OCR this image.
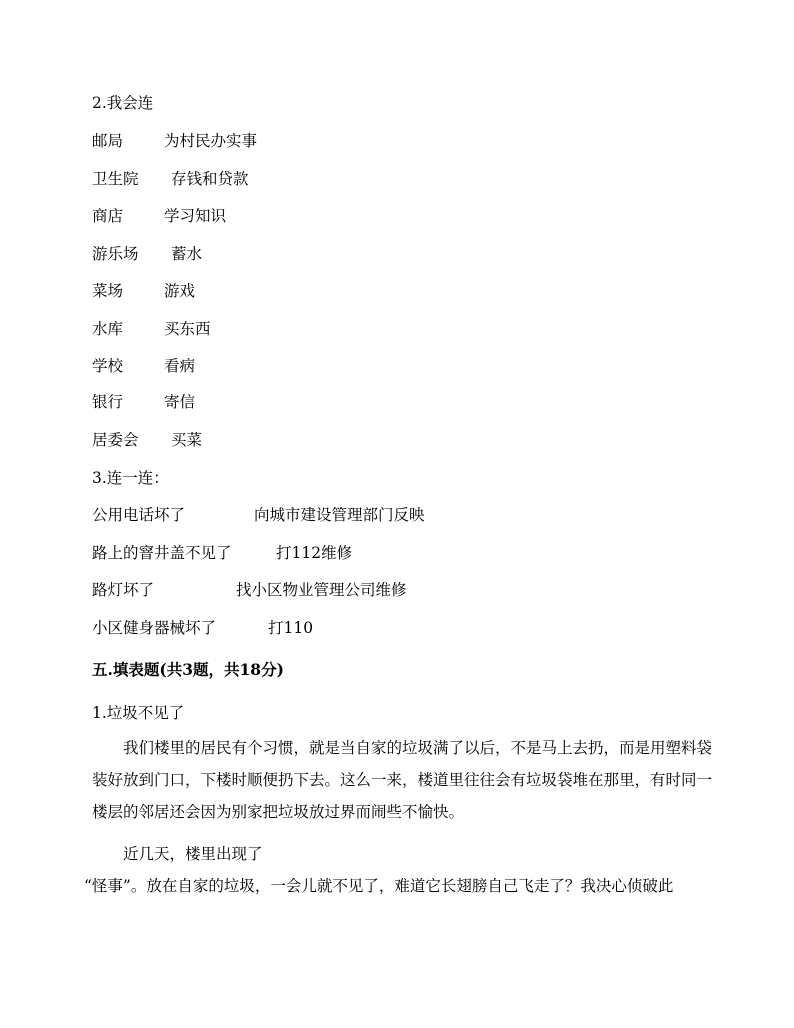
2.我会连
邮局	为村民办实事
卫生院 存钱和贷款
商店	学习知识
游乐场 蓄水
菜场	游戏
水库	买东西
学校	看病
银行	寄信
居委会 买菜
3.连一连：
公用电话坏了	向城市建设管理部门反映
路上的窨井盖不见了	打112维修
路灯坏了	找小区物业管理公司维修
小区健身器械坏了	打110
五.填表题(共3题，共18分)
1.垃圾不见了

我们楼里的居民有个习惯，就是当自家的垃圾满了以后，不是马上去扔，而是用塑料袋装好放到门口，下楼时顺便扔下去。这么一来，楼道里往往会有垃圾袋堆在那里，有时同一楼层的邻居还会因为别家把垃圾放过界而闹些不愉快。

近几天，楼里出现了
“怪事”。放在自家的垃圾，一会儿就不见了，难道它长翅膀自己飞走了？我决心侦破此
